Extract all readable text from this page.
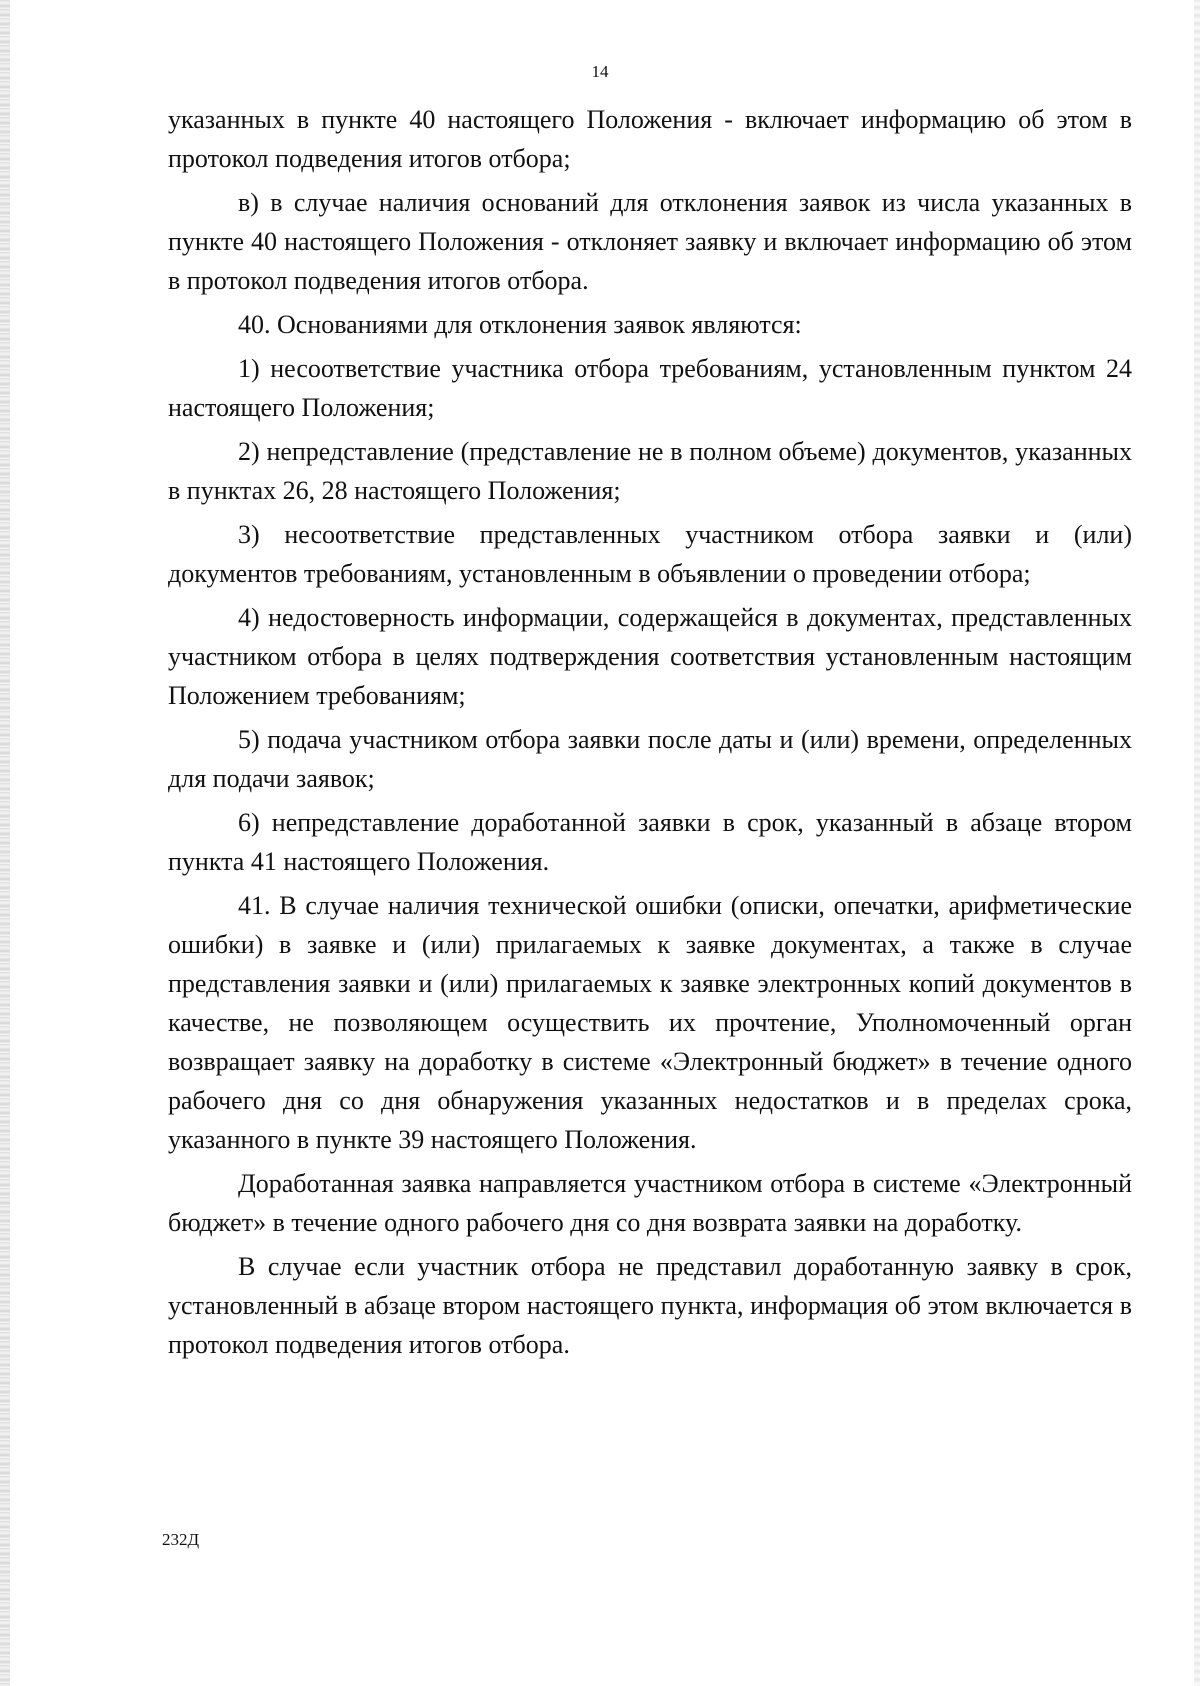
14

указанных в пункте 40 настоящего Положения - включает информацию об этом в протокол подведения итогов отбора;

в) в случае наличия оснований для отклонения заявок из числа указанных в пункте 40 настоящего Положения - отклоняет заявку и включает информацию об этом в протокол подведения итогов отбора.

40. Основаниями для отклонения заявок являются:

1) несоответствие участника отбора требованиям, установленным пунктом 24 настоящего Положения;

2) непредставление (представление не в полном объеме) документов, указанных в пунктах 26, 28 настоящего Положения;

3) несоответствие представленных участником отбора заявки и (или) документов требованиям, установленным в объявлении о проведении отбора;

4) недостоверность информации, содержащейся в документах, представленных участником отбора в целях подтверждения соответствия установленным настоящим Положением требованиям;

5) подача участником отбора заявки после даты и (или) времени, определенных для подачи заявок;

6) непредставление доработанной заявки в срок, указанный в абзаце втором пункта 41 настоящего Положения.

41. В случае наличия технической ошибки (описки, опечатки, арифметические ошибки) в заявке и (или) прилагаемых к заявке документах, а также в случае представления заявки и (или) прилагаемых к заявке электронных копий документов в качестве, не позволяющем осуществить их прочтение, Уполномоченный орган возвращает заявку на доработку в системе «Электронный бюджет» в течение одного рабочего дня со дня обнаружения указанных недостатков и в пределах срока, указанного в пункте 39 настоящего Положения.

Доработанная заявка направляется участником отбора в системе «Электронный бюджет» в течение одного рабочего дня со дня возврата заявки на доработку.

В случае если участник отбора не представил доработанную заявку в срок, установленный в абзаце втором настоящего пункта, информация об этом включается в протокол подведения итогов отбора.

232Д
